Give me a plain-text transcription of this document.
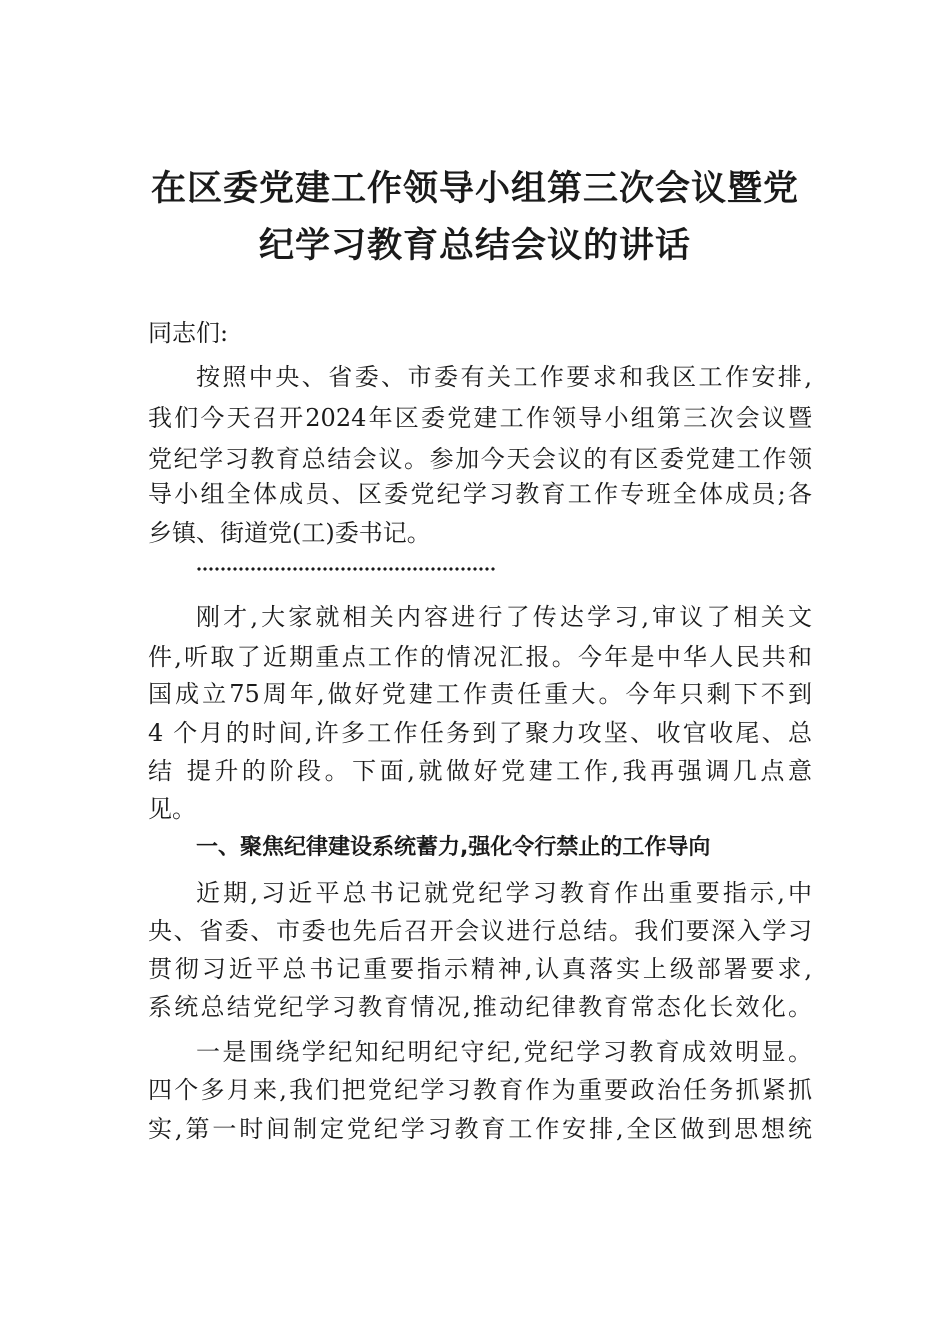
在区委党建工作领导小组第三次会议暨党
纪学习教育总结会议的讲话
同志们:
按照中央、省委、市委有关工作要求和我区工作安排,
我们今天召开2024年区委党建工作领导小组第三次会议暨
党纪学习教育总结会议。参加今天会议的有区委党建工作领
导小组全体成员、区委党纪学习教育工作专班全体成员;各
乡镇、街道党(工)委书记。
刚才,大家就相关内容进行了传达学习,审议了相关文
件,听取了近期重点工作的情况汇报。今年是中华人民共和
国成立75周年,做好党建工作责任重大。今年只剩下不到
4 个月的时间,许多工作任务到了聚力攻坚、收官收尾、总
结 提升的阶段。下面,就做好党建工作,我再强调几点意
见。
一、聚焦纪律建设系统蓄力,强化令行禁止的工作导向
近期,习近平总书记就党纪学习教育作出重要指示,中
央、省委、市委也先后召开会议进行总结。我们要深入学习
贯彻习近平总书记重要指示精神,认真落实上级部署要求,
系统总结党纪学习教育情况,推动纪律教育常态化长效化。
一是围绕学纪知纪明纪守纪,党纪学习教育成效明显。
四个多月来,我们把党纪学习教育作为重要政治任务抓紧抓
实,第一时间制定党纪学习教育工作安排,全区做到思想统
